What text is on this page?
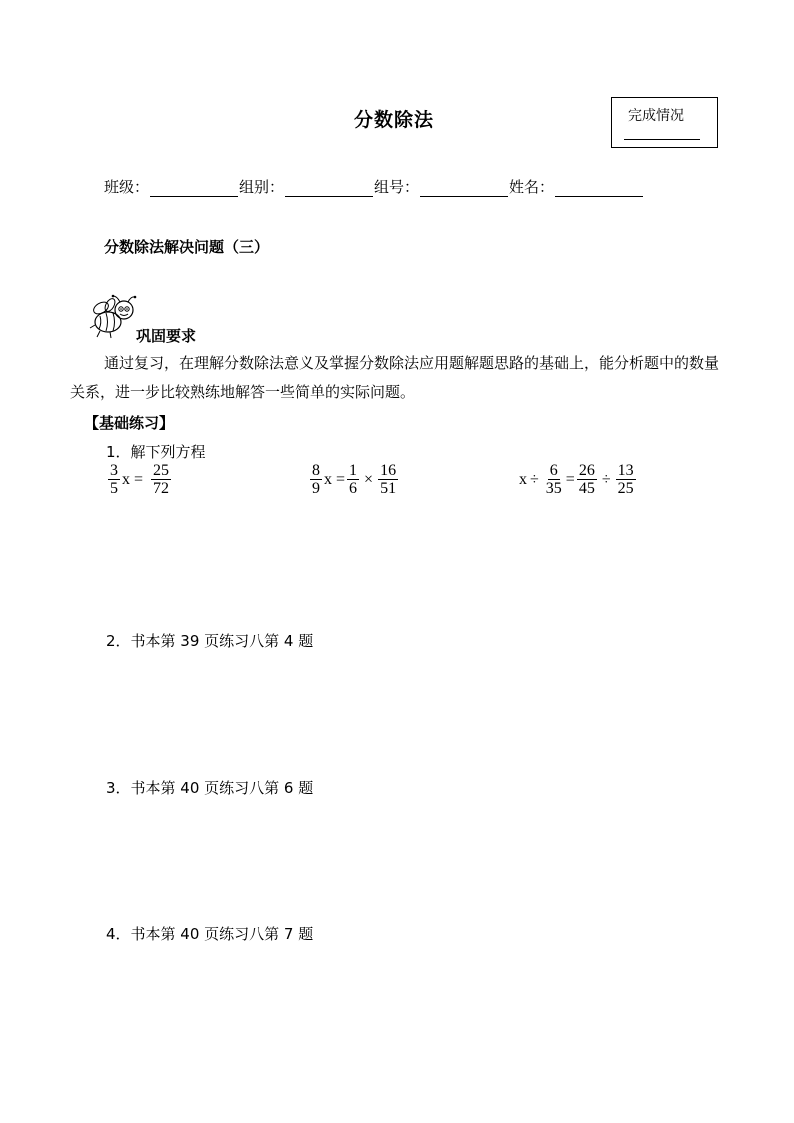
分数除法	完成情况
班级：	组别：	组号：	姓名：
分数除法解决问题（三）
巩固要求
通过复习，在理解分数除法意义及掌握分数除法应用题解题思路的基础上，能分析题中的数量关系，进一步比较熟练地解答一些简单的实际问题。
【基础练习】
1．解下列方程
$\frac{3}{5}$ $x = \frac{25}{72}$	$\frac{8}{9}$ $x = \frac{1}{6} \times \frac{16}{51}$	$x \div \frac{6}{35} = \frac{26}{45} \div \frac{13}{25}$
2．书本第 39 页练习八第 4 题
3．书本第 40 页练习八第 6 题
4．书本第 40 页练习八第 7 题
